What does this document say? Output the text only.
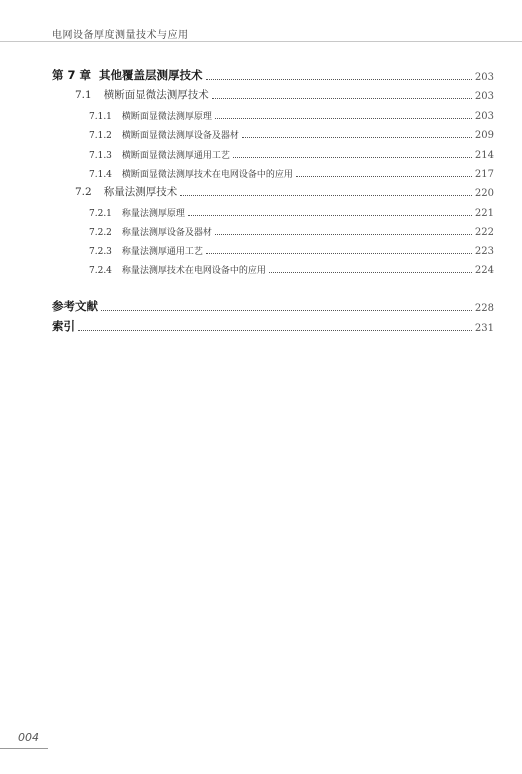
电网设备厚度测量技术与应用
第 7 章 其他覆盖层测厚技术	203
7.1 横断面显微法测厚技术	203
7.1.1 横断面显微法测厚原理	203
7.1.2 横断面显微法测厚设备及器材	209
7.1.3 横断面显微法测厚通用工艺	214
7.1.4 横断面显微法测厚技术在电网设备中的应用	217
7.2 称量法测厚技术	220
7.2.1 称量法测厚原理	221
7.2.2 称量法测厚设备及器材	222
7.2.3 称量法测厚通用工艺	223
7.2.4 称量法测厚技术在电网设备中的应用	224
参考文献	228
索引	231
004
